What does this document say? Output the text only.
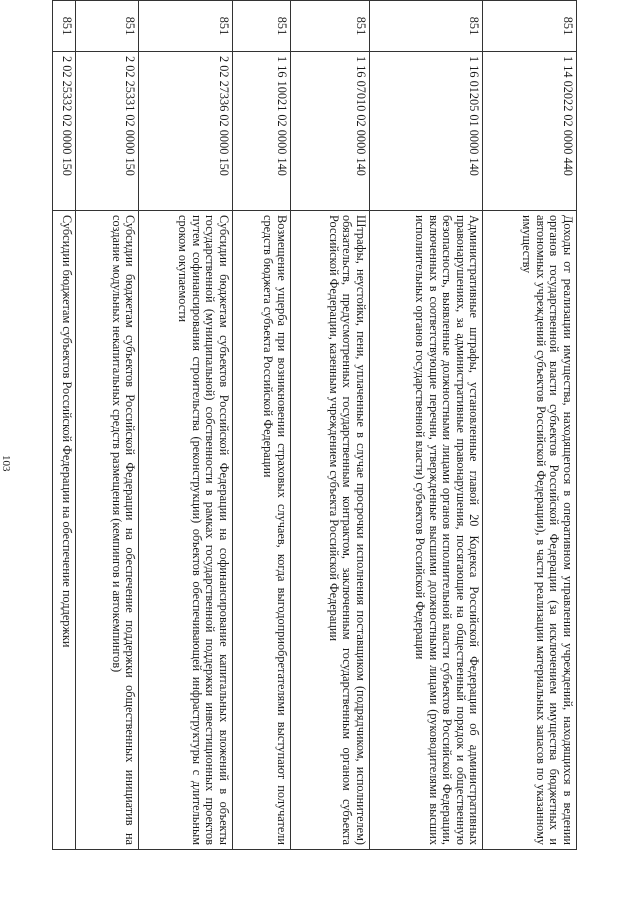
103
851	1 14 02022 02 0000 440	Доходы от реализации имущества, находящегося в оперативном управлении учреждений, находящихся в ведении органов государственной власти субъектов Российской Федерации (за исключением имущества бюджетных и автономных учреждений субъектов Российской Федерации), в части реализации материальных запасов по указанному имуществу
851	1 16 01205 01 0000 140	Административные штрафы, установленные главой 20 Кодекса Российской Федерации об административных правонарушениях, за административные правонарушения, посягающие на общественный порядок и общественную безопасность, выявленные должностными лицами органов исполнительной власти субъектов Российской Федерации, включенных в соответствующие перечни, утвержденные высшими должностными лицами (руководителями высших исполнительных органов государственной власти) субъектов Российской Федерации
851	1 16 07010 02 0000 140	Штрафы, неустойки, пени, уплаченные в случае просрочки исполнения поставщиком (подрядчиком, исполнителем) обязательств, предусмотренных государственным контрактом, заключенным государственным органом субъекта Российской Федерации, казенным учреждением субъекта Российской Федерации
851	1 16 10021 02 0000 140	Возмещение ущерба при возникновении страховых случаев, когда выгодоприобретателями выступают получатели средств бюджета субъекта Российской Федерации
851	2 02 27336 02 0000 150	Субсидии бюджетам субъектов Российской Федерации на софинансирование капитальных вложений в объекты государственной (муниципальной) собственности в рамках государственной поддержки инвестиционных проектов путем софинансирования строительства (реконструкции) объектов обеспечивающей инфраструктуры с длительным сроком окупаемости
851	2 02 25331 02 0000 150	Субсидии бюджетам субъектов Российской Федерации на обеспечение поддержки общественных инициатив на создание модульных некапитальных средств размещения (кемпингов и автокемпингов)
851	2 02 25332 02 0000 150	Субсидии бюджетам субъектов Российской Федерации на обеспечение поддержки
